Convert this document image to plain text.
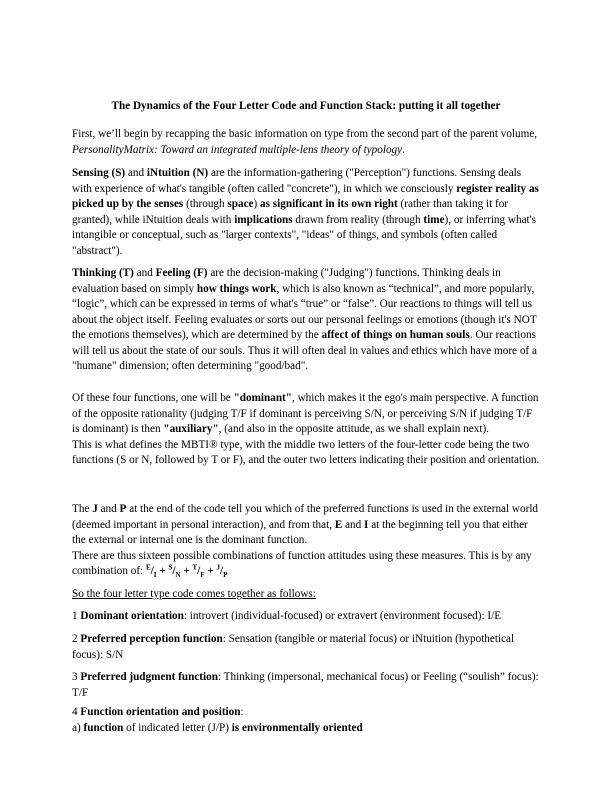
The Dynamics of the Four Letter Code and Function Stack: putting it all together

First, we’ll begin by recapping the basic information on type from the second part of the parent volume, PersonalityMatrix: Toward an integrated multiple-lens theory of typology.

Sensing (S) and iNtuition (N) are the information-gathering ("Perception") functions. Sensing deals with experience of what's tangible (often called "concrete"), in which we consciously register reality as picked up by the senses (through space) as significant in its own right (rather than taking it for granted), while iNtuition deals with implications drawn from reality (through time), or inferring what's intangible or conceptual, such as "larger contexts", "ideas" of things, and symbols (often called "abstract").

Thinking (T) and Feeling (F) are the decision-making ("Judging") functions. Thinking deals in evaluation based on simply how things work, which is also known as “technical”, and more popularly, “logic”, which can be expressed in terms of what's “true” or “false”. Our reactions to things will tell us about the object itself. Feeling evaluates or sorts out our personal feelings or emotions (though it's NOT the emotions themselves), which are determined by the affect of things on human souls. Our reactions will tell us about the state of our souls. Thus it will often deal in values and ethics which have more of a "humane" dimension; often determining "good/bad".

Of these four functions, one will be "dominant", which makes it the ego's main perspective. A function of the opposite rationality (judging T/F if dominant is perceiving S/N, or perceiving S/N if judging T/F is dominant) is then "auxiliary", (and also in the opposite attitude, as we shall explain next).
This is what defines the MBTI® type, with the middle two letters of the four-letter code being the two functions (S or N, followed by T or F), and the outer two letters indicating their position and orientation.

The J and P at the end of the code tell you which of the preferred functions is used in the external world (deemed important in personal interaction), and from that, E and I at the beginning tell you that either the external or internal one is the dominant function.
There are thus sixteen possible combinations of function attitudes using these measures. This is by any combination of: $^E/_I + ^S/_N + ^T/_F + ^J/_P$

So the four letter type code comes together as follows:

1 Dominant orientation: introvert (individual-focused) or extravert (environment focused): I/E

2 Preferred perception function: Sensation (tangible or material focus) or iNtuition (hypothetical focus): S/N

3 Preferred judgment function: Thinking (impersonal, mechanical focus) or Feeling (“soulish” focus): T/F

4 Function orientation and position:
a) function of indicated letter (J/P) is environmentally oriented
